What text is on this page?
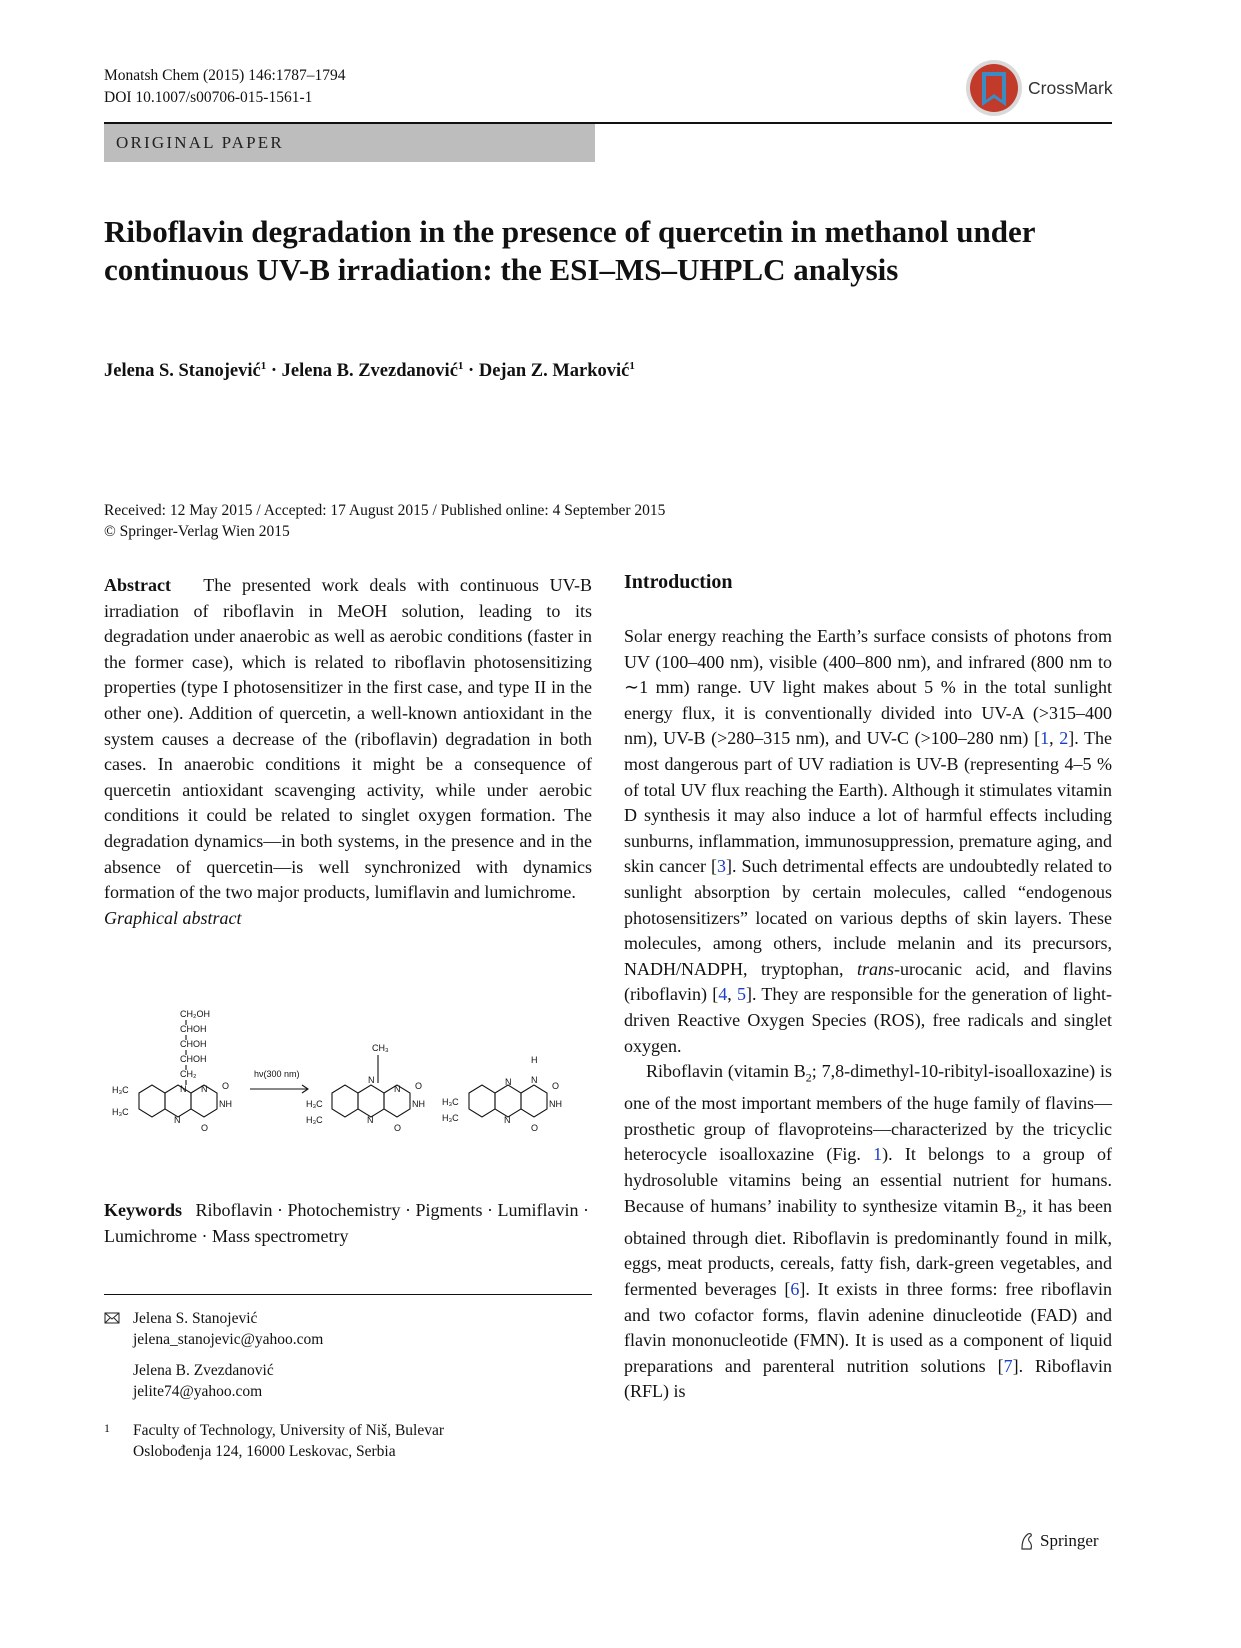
Monatsh Chem (2015) 146:1787–1794
DOI 10.1007/s00706-015-1561-1	CrossMark
ORIGINAL PAPER
Riboflavin degradation in the presence of quercetin in methanol under continuous UV-B irradiation: the ESI–MS–UHPLC analysis
Jelena S. Stanojević$^1$ · Jelena B. Zvezdanović$^1$ · Dejan Z. Marković$^1$
Received: 12 May 2015 / Accepted: 17 August 2015 / Published online: 4 September 2015
© Springer-Verlag Wien 2015

Abstract The presented work deals with continuous UV-B irradiation of riboflavin in MeOH solution, leading to its degradation under anaerobic as well as aerobic conditions (faster in the former case), which is related to riboflavin photosensitizing properties (type I photosensitizer in the first case, and type II in the other one). Addition of quercetin, a well-known antioxidant in the system causes a decrease of the (riboflavin) degradation in both cases. In anaerobic conditions it might be a consequence of quercetin antioxidant scavenging activity, while under aerobic conditions it could be related to singlet oxygen formation. The degradation dynamics—in both systems, in the presence and in the absence of quercetin—is well synchronized with dynamics formation of the two major products, lumiflavin and lumichrome.

Graphical abstract

CH₂OH
CHOH
CHOH
CHOH
CH₂
N
N
N
NH
O
O
H₃C
H₃C
hν(300 nm)
CH₃
N
N
N
NH
O
O
H₃C
H₃C
N
N
H
N
NH
O
O
H₃C
H₃C
Keywords Riboflavin · Photochemistry · Pigments · Lumiflavin · Lumichrome · Mass spectrometry
Jelena S. Stanojević
jelena_stanojevic@yahoo.com
Jelena B. Zvezdanović
jelite74@yahoo.com
1 Faculty of Technology, University of Niš, Bulevar
Oslobođenja 124, 16000 Leskovac, Serbia
Introduction

Solar energy reaching the Earth’s surface consists of photons from UV (100–400 nm), visible (400–800 nm), and infrared (800 nm to ∼1 mm) range. UV light makes about 5 % in the total sunlight energy flux, it is conventionally divided into UV-A (>315–400 nm), UV-B (>280–315 nm), and UV-C (>100–280 nm) [1, 2]. The most dangerous part of UV radiation is UV-B (representing 4–5 % of total UV flux reaching the Earth). Although it stimulates vitamin D synthesis it may also induce a lot of harmful effects including sunburns, inflammation, immunosuppression, premature aging, and skin cancer [3]. Such detrimental effects are undoubtedly related to sunlight absorption by certain molecules, called “endogenous photosensitizers” located on various depths of skin layers. These molecules, among others, include melanin and its precursors, NADH/NADPH, tryptophan, trans-urocanic acid, and flavins (riboflavin) [4, 5]. They are responsible for the generation of light-driven Reactive Oxygen Species (ROS), free radicals and singlet oxygen.

Riboflavin (vitamin $B_2$; 7,8-dimethyl-10-ribityl-isoalloxazine) is one of the most important members of the huge family of flavins—prosthetic group of flavoproteins—characterized by the tricyclic heterocycle isoalloxazine (Fig. 1). It belongs to a group of hydrosoluble vitamins being an essential nutrient for humans. Because of humans’ inability to synthesize vitamin $B_2$, it has been obtained through diet. Riboflavin is predominantly found in milk, eggs, meat products, cereals, fatty fish, dark-green vegetables, and fermented beverages [6]. It exists in three forms: free riboflavin and two cofactor forms, flavin adenine dinucleotide (FAD) and flavin mononucleotide (FMN). It is used as a component of liquid preparations and parenteral nutrition solutions [7]. Riboflavin (RFL) is

Springer
